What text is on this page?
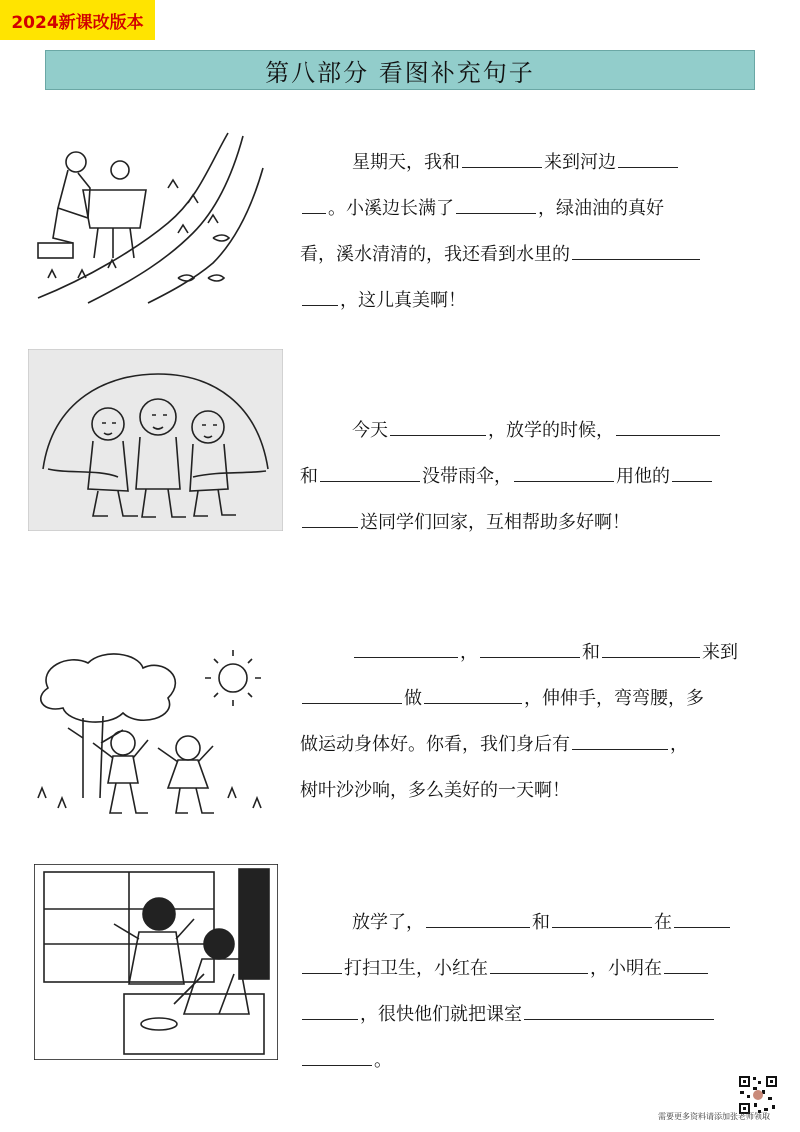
2024新课改版本
第八部分 看图补充句子
星期天，我和	来到河边
。小溪边长满了	，绿油油的真好
看，溪水清清的，我还看到水里的
，这儿真美啊！
今天	，放学的时候，
和	没带雨伞，	用他的
送同学们回家，互相帮助多好啊！
，	和	来到
做	，伸伸手，弯弯腰，多
做运动身体好。你看，我们身后有	，
树叶沙沙响，多么美好的一天啊！
放学了，	和	在
打扫卫生，小红在	，小明在
，很快他们就把课室
。
需要更多资料请添加张老师领取
